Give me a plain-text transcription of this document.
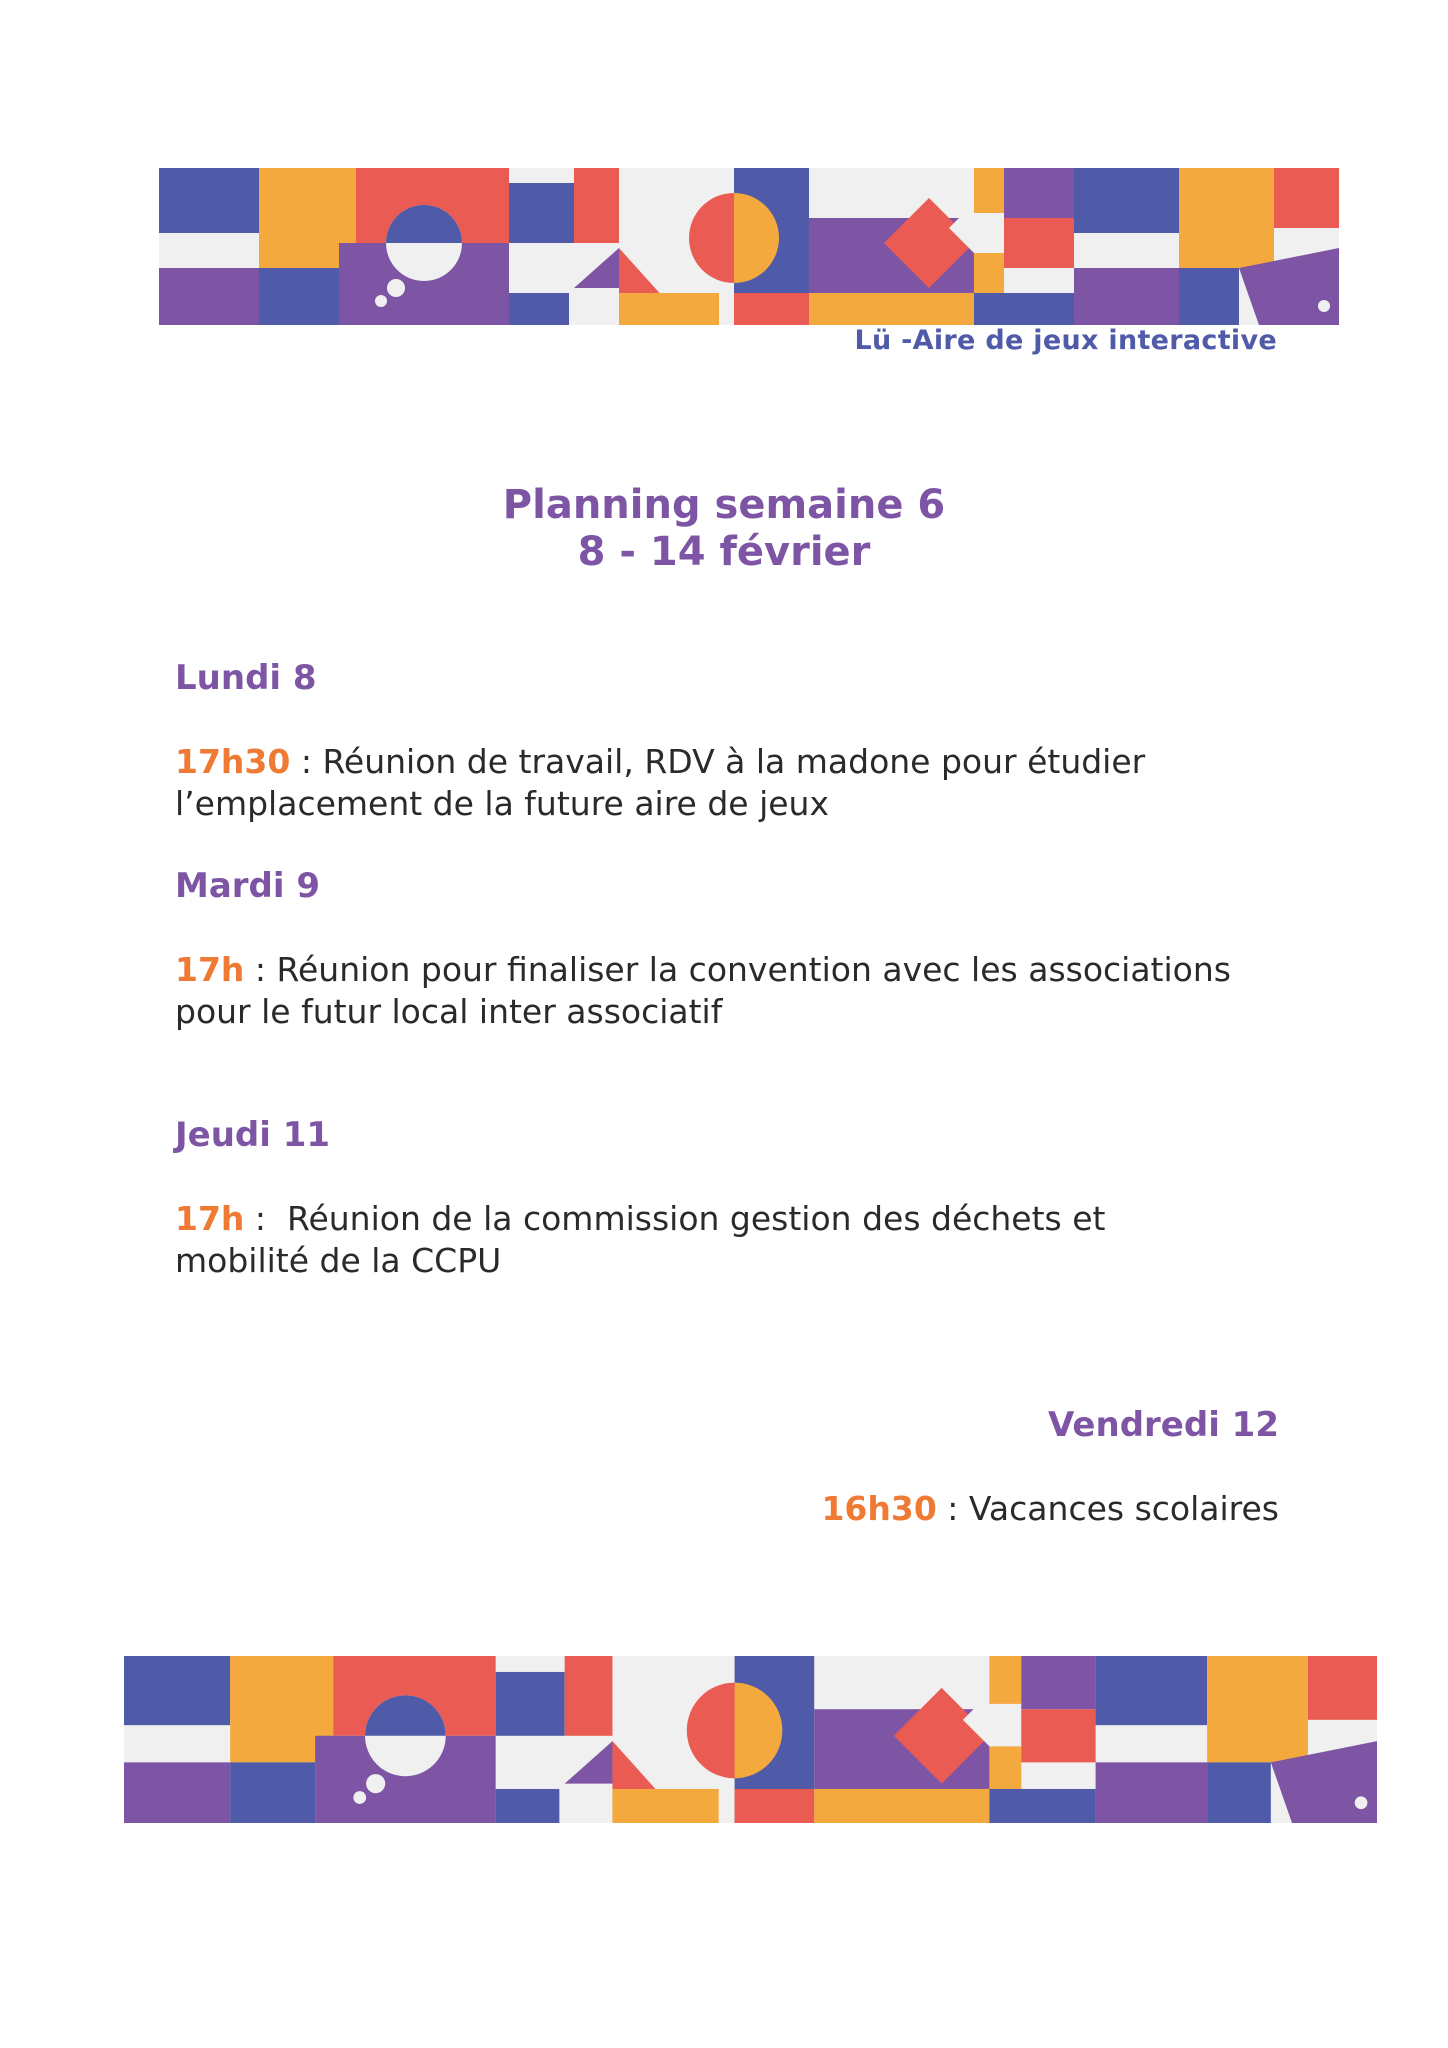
Lü -Aire de jeux interactive
Planning semaine 6
8 - 14 février
Lundi 8
17h30 : Réunion de travail, RDV à la madone pour étudier
l’emplacement de la future aire de jeux
Mardi 9
17h : Réunion pour finaliser la convention avec les associations
pour le futur local inter associatif
Jeudi 11
17h :  Réunion de la commission gestion des déchets et
mobilité de la CCPU
Vendredi 12
16h30 : Vacances scolaires
